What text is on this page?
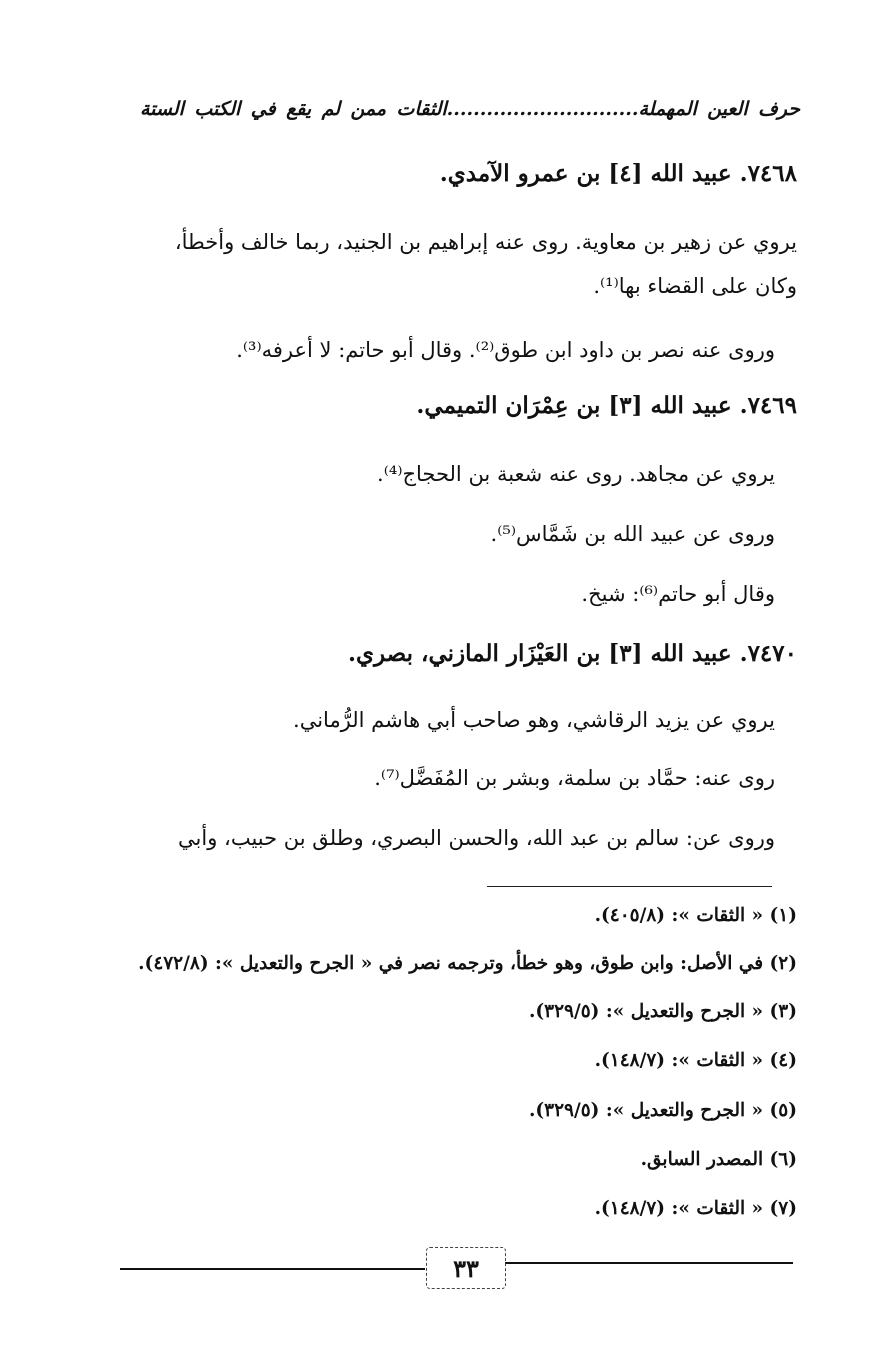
حرف العين المهملة.............................الثقات ممن لم يقع في الكتب الستة
٧٤٦٨. عبيد الله [٤] بن عمرو الآمدي.
يروي عن زهير بن معاوية. روى عنه إبراهيم بن الجنيد، ربما خالف وأخطأ،
وكان على القضاء بها⁽¹⁾.
وروى عنه نصر بن داود ابن طوق⁽²⁾. وقال أبو حاتم: لا أعرفه⁽³⁾.
٧٤٦٩. عبيد الله [٣] بن عِمْرَان التميمي.
يروي عن مجاهد. روى عنه شعبة بن الحجاج⁽⁴⁾.
وروى عن عبيد الله بن شَمَّاس⁽⁵⁾.
وقال أبو حاتم⁽⁶⁾: شيخ.
٧٤٧٠. عبيد الله [٣] بن العَيْزَار المازني، بصري.
يروي عن يزيد الرقاشي، وهو صاحب أبي هاشم الرُّماني.
روى عنه: حمَّاد بن سلمة، وبشر بن المُفَضَّل⁽⁷⁾.
وروى عن: سالم بن عبد الله، والحسن البصري، وطلق بن حبيب، وأبي
(١) « الثقات »: (٤٠٥/٨).
(٢) في الأصل: وابن طوق، وهو خطأ، وترجمه نصر في « الجرح والتعديل »: (٤٧٢/٨).
(٣) « الجرح والتعديل »: (٣٢٩/٥).
(٤) « الثقات »: (١٤٨/٧).
(٥) « الجرح والتعديل »: (٣٢٩/٥).
(٦) المصدر السابق.
(٧) « الثقات »: (١٤٨/٧).
٣٣
